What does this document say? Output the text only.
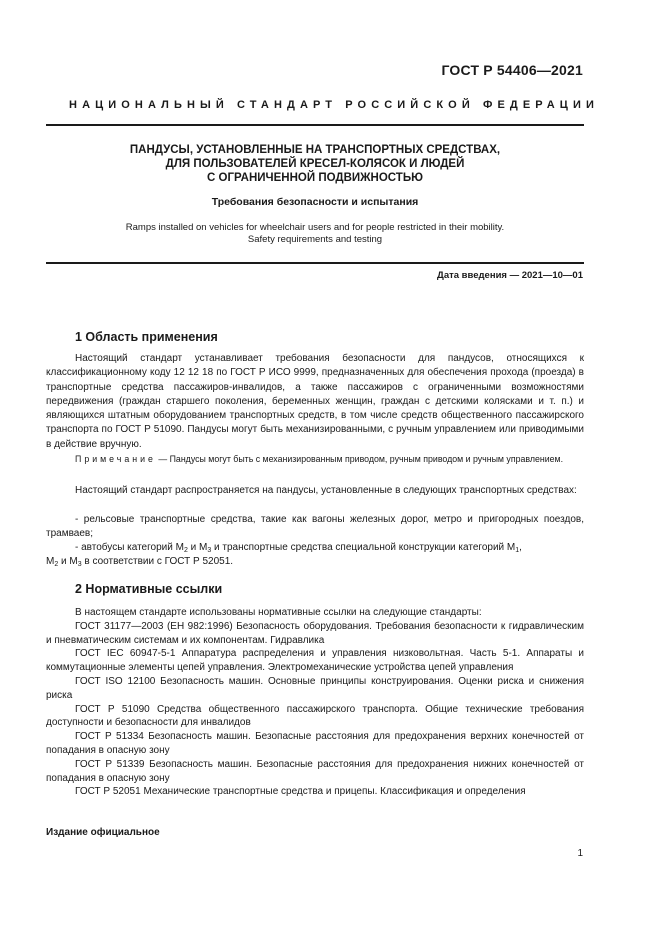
ГОСТ Р 54406—2021
НАЦИОНАЛЬНЫЙ СТАНДАРТ РОССИЙСКОЙ ФЕДЕРАЦИИ
ПАНДУСЫ, УСТАНОВЛЕННЫЕ НА ТРАНСПОРТНЫХ СРЕДСТВАХ,
ДЛЯ ПОЛЬЗОВАТЕЛЕЙ КРЕСЕЛ-КОЛЯСОК И ЛЮДЕЙ
С ОГРАНИЧЕННОЙ ПОДВИЖНОСТЬЮ
Требования безопасности и испытания
Ramps installed on vehicles for wheelchair users and for people restricted in their mobility.
Safety requirements and testing
Дата введения — 2021—10—01
1 Область применения
Настоящий стандарт устанавливает требования безопасности для пандусов, относящихся к классификационному коду 12 12 18 по ГОСТ Р ИСО 9999, предназначенных для обеспечения прохода (проезда) в транспортные средства пассажиров-инвалидов, а также пассажиров с ограниченными возможностями передвижения (граждан старшего поколения, беременных женщин, граждан с детскими колясками и т. п.) и являющихся штатным оборудованием транспортных средств, в том числе средств общественного пассажирского транспорта по ГОСТ Р 51090. Пандусы могут быть механизированными, с ручным управлением или приводимыми в действие вручную.
Примечание — Пандусы могут быть с механизированным приводом, ручным приводом и ручным управлением.
Настоящий стандарт распространяется на пандусы, установленные в следующих транспортных средствах:
- рельсовые транспортные средства, такие как вагоны железных дорог, метро и пригородных поездов, трамваев;
- автобусы категорий $М_2$ и $М_3$ и транспортные средства специальной конструкции категорий $М_1$,
$М_2$ и $М_3$ в соответствии с ГОСТ Р 52051.
2 Нормативные ссылки
В настоящем стандарте использованы нормативные ссылки на следующие стандарты:
ГОСТ 31177—2003 (ЕН 982:1996) Безопасность оборудования. Требования безопасности к гидравлическим и пневматическим системам и их компонентам. Гидравлика
ГОСТ IEC 60947-5-1 Аппаратура распределения и управления низковольтная. Часть 5-1. Аппараты и коммутационные элементы цепей управления. Электромеханические устройства цепей управления
ГОСТ ISO 12100 Безопасность машин. Основные принципы конструирования. Оценки риска и снижения риска
ГОСТ Р 51090 Средства общественного пассажирского транспорта. Общие технические требования доступности и безопасности для инвалидов
ГОСТ Р 51334 Безопасность машин. Безопасные расстояния для предохранения верхних конечностей от попадания в опасную зону
ГОСТ Р 51339 Безопасность машин. Безопасные расстояния для предохранения нижних конечностей от попадания в опасную зону
ГОСТ Р 52051 Механические транспортные средства и прицепы. Классификация и определения
Издание официальное
1
